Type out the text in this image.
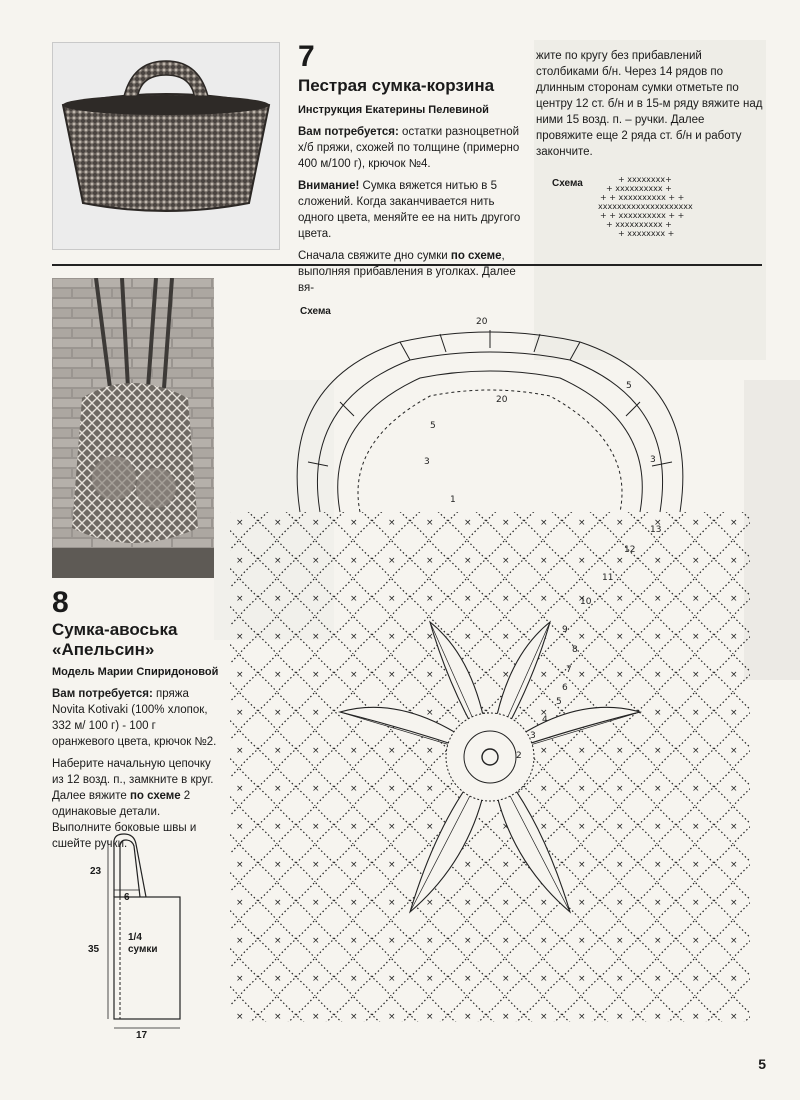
7
Пестрая сумка-корзина
Инструкция Екатерины Пелевиной

Вам потребуется: остатки разноцветной х/б пряжи, схожей по толщине (примерно 400 м/100 г), крючок №4.

Внимание! Сумка вяжется нитью в 5 сложений. Когда заканчивается нить одного цвета, меняйте ее на нить другого цвета.

Сначала свяжите дно сумки по схеме, выполняя прибавления в уголках. Далее вя-

жите по кругу без прибавлений столбиками б/н. Через 14 рядов по длинным сторонам сумки отметьте по центру 12 ст. б/н и в 15-м ряду вяжите над ними 15 возд. п. – ручки. Далее провяжите еще 2 ряда ст. б/н и работу закончите.
Схема	+ xxxxxxxx+
+ xxxxxxxxxx +
+ + xxxxxxxxxx + +
xxxxxxxxxxxxxxxxxxxx
+ + xxxxxxxxxx + +
+ xxxxxxxxxx +
+ xxxxxxxx +
8
Сумка-авоська
«Апельсин»
Модель Марии Спиридоновой

Вам потребуется: пряжа Novita Kotivaki (100% хлопок, 332 м/ 100 г) - 100 г оранжевого цвета, крючок №2.

Наберите начальную цепочку из 12 возд. п., замкните в круг. Далее вяжите по схеме 2 одинаковые детали. Выполните боковые швы и сшейте ручки.

23
6
35
17
1/4
сумки
Схема
20
20
5
5
3
3
1
13
12
11
10
9
8
7
6
5
4
3
2
5
